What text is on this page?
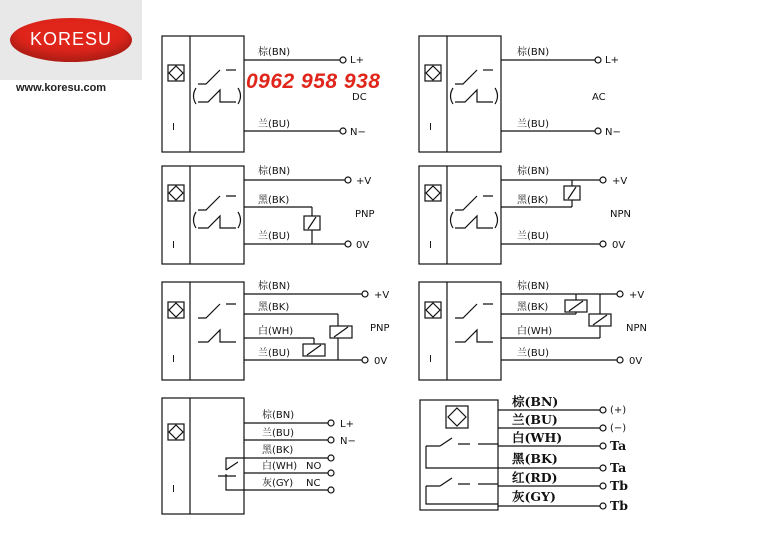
KORESU
www.koresu.com
I
棕(BN)
兰(BU)
L+
N−
DC
I
棕(BN)
兰(BU)
L+
N−
AC
I
棕(BN)
黑(BK)
兰(BU)
+V
0V
PNP
I
棕(BN)
黑(BK)
兰(BU)
+V
0V
NPN
I
棕(BN)
黑(BK)
白(WH)
兰(BU)
+V
0V
PNP
I
棕(BN)
黑(BK)
白(WH)
兰(BU)
+V
0V
NPN
I
棕(BN)
兰(BU)
黑(BK)
白(WH) NO
灰(GY) NC
L+
N−
棕(BN)
兰(BU)
白(WH)
黑(BK)
红(RD)
灰(GY)
(+)
(−)
Ta
Ta
Tb
Tb
0962 958 938
